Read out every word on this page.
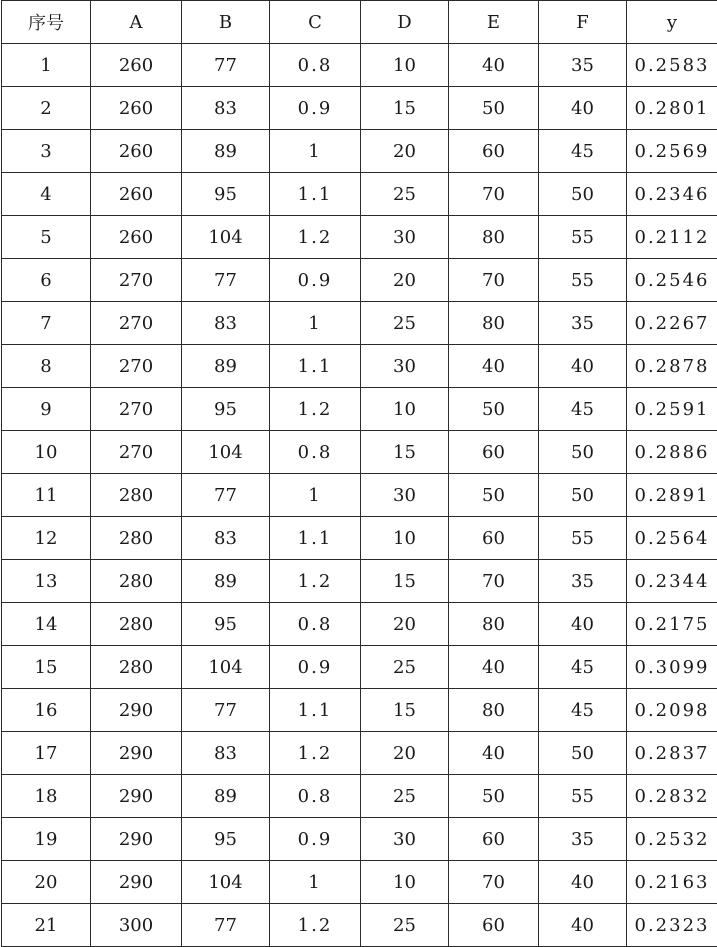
序号	A	B	C	D	E	F	y
1	260	77	0.8	10	40	35	0.2583
2	260	83	0.9	15	50	40	0.2801
3	260	89	1	20	60	45	0.2569
4	260	95	1.1	25	70	50	0.2346
5	260	104	1.2	30	80	55	0.2112
6	270	77	0.9	20	70	55	0.2546
7	270	83	1	25	80	35	0.2267
8	270	89	1.1	30	40	40	0.2878
9	270	95	1.2	10	50	45	0.2591
10	270	104	0.8	15	60	50	0.2886
11	280	77	1	30	50	50	0.2891
12	280	83	1.1	10	60	55	0.2564
13	280	89	1.2	15	70	35	0.2344
14	280	95	0.8	20	80	40	0.2175
15	280	104	0.9	25	40	45	0.3099
16	290	77	1.1	15	80	45	0.2098
17	290	83	1.2	20	40	50	0.2837
18	290	89	0.8	25	50	55	0.2832
19	290	95	0.9	30	60	35	0.2532
20	290	104	1	10	70	40	0.2163
21	300	77	1.2	25	60	40	0.2323
